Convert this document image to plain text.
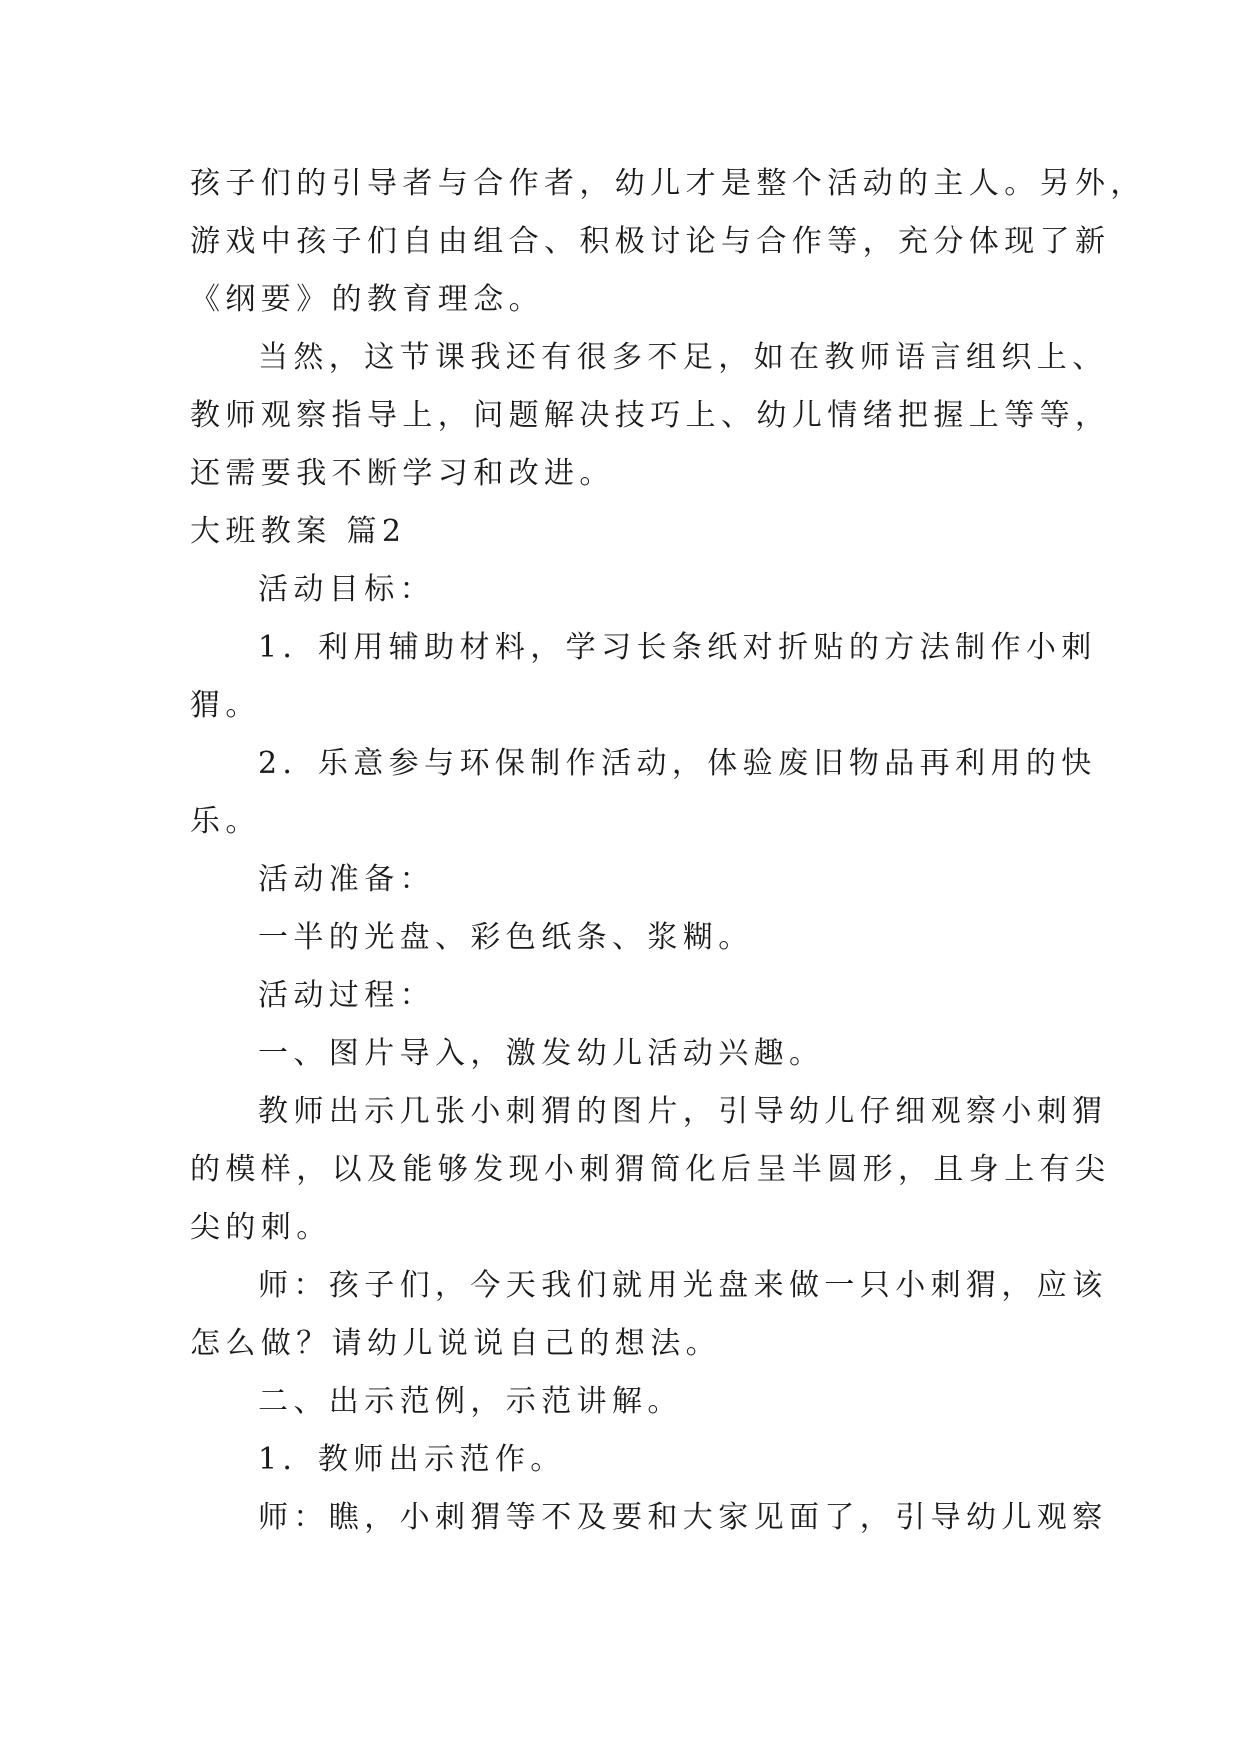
孩子们的引导者与合作者，幼儿才是整个活动的主人。另外，
游戏中孩子们自由组合、积极讨论与合作等，充分体现了新
《纲要》的教育理念。
当然，这节课我还有很多不足，如在教师语言组织上、
教师观察指导上，问题解决技巧上、幼儿情绪把握上等等，
还需要我不断学习和改进。
大班教案 篇2
活动目标：
1．利用辅助材料，学习长条纸对折贴的方法制作小刺
猬。
2．乐意参与环保制作活动，体验废旧物品再利用的快
乐。
活动准备：
一半的光盘、彩色纸条、浆糊。
活动过程：
一、图片导入，激发幼儿活动兴趣。
教师出示几张小刺猬的图片，引导幼儿仔细观察小刺猬
的模样，以及能够发现小刺猬简化后呈半圆形，且身上有尖
尖的刺。
师：孩子们，今天我们就用光盘来做一只小刺猬，应该
怎么做？请幼儿说说自己的想法。
二、出示范例，示范讲解。
1．教师出示范作。
师：瞧，小刺猬等不及要和大家见面了，引导幼儿观察
